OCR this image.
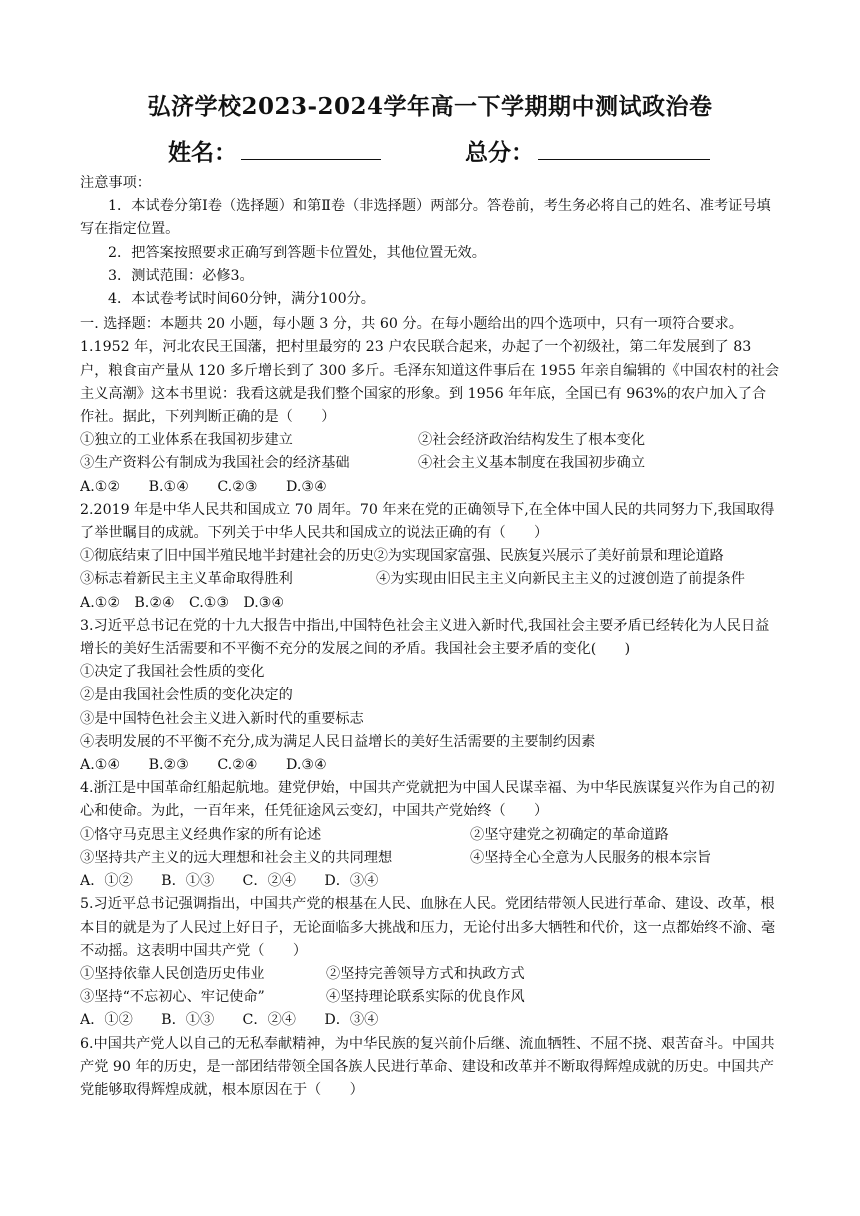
弘济学校2023-2024学年高一下学期期中测试政治卷
姓名：	总分：

注意事项：

1．本试卷分第Ⅰ卷（选择题）和第Ⅱ卷（非选择题）两部分。答卷前，考生务必将自己的姓名、准考证号填写在指定位置。

2．把答案按照要求正确写到答题卡位置处，其他位置无效。

3．测试范围：必修3。

4．本试卷考试时间60分钟，满分100分。

一. 选择题：本题共 20 小题，每小题 3 分，共 60 分。在每小题给出的四个选项中，只有一项符合要求。

1.1952 年，河北农民王国藩，把村里最穷的 23 户农民联合起来，办起了一个初级社，第二年发展到了 83 户，粮食亩产量从 120 多斤增长到了 300 多斤。毛泽东知道这件事后在 1955 年亲自编辑的《中国农村的社会主义高潮》这本书里说：我看这就是我们整个国家的形象。到 1956 年年底，全国已有 963%的农户加入了合作社。据此，下列判断正确的是（　　）

①独立的工业体系在我国初步建立	②社会经济政治结构发生了根本变化
③生产资料公有制成为我国社会的经济基础	④社会主义基本制度在我国初步确立

A.①②　　B.①④　　C.②③　　D.③④

2.2019 年是中华人民共和国成立 70 周年。70 年来在党的正确领导下,在全体中国人民的共同努力下,我国取得了举世瞩目的成就。下列关于中华人民共和国成立的说法正确的有（　　）

①彻底结束了旧中国半殖民地半封建社会的历史②为实现国家富强、民族复兴展示了美好前景和理论道路

③标志着新民主主义革命取得胜利	④为实现由旧民主主义向新民主主义的过渡创造了前提条件

A.①②　B.②④　C.①③　D.③④

3.习近平总书记在党的十九大报告中指出,中国特色社会主义进入新时代,我国社会主要矛盾已经转化为人民日益增长的美好生活需要和不平衡不充分的发展之间的矛盾。我国社会主要矛盾的变化(　　)

①决定了我国社会性质的变化

②是由我国社会性质的变化决定的

③是中国特色社会主义进入新时代的重要标志

④表明发展的不平衡不充分,成为满足人民日益增长的美好生活需要的主要制约因素

A.①④　　B.②③　　C.②④　　D.③④

4.浙江是中国革命红船起航地。建党伊始，中国共产党就把为中国人民谋幸福、为中华民族谋复兴作为自己的初心和使命。为此，一百年来，任凭征途风云变幻，中国共产党始终（　　）

①恪守马克思主义经典作家的所有论述	②坚守建党之初确定的革命道路
③坚持共产主义的远大理想和社会主义的共同理想	④坚持全心全意为人民服务的根本宗旨

A．①②　　B．①③　　C．②④　　D．③④

5.习近平总书记强调指出，中国共产党的根基在人民、血脉在人民。党团结带领人民进行革命、建设、改革，根本目的就是为了人民过上好日子，无论面临多大挑战和压力，无论付出多大牺牲和代价，这一点都始终不渝、毫不动摇。这表明中国共产党（　　）

①坚持依靠人民创造历史伟业	②坚持完善领导方式和执政方式
③坚持“不忘初心、牢记使命”	④坚持理论联系实际的优良作风

A．①②　　B．①③　　C．②④　　D．③④

6.中国共产党人以自己的无私奉献精神，为中华民族的复兴前仆后继、流血牺牲、不屈不挠、艰苦奋斗。中国共产党 90 年的历史，是一部团结带领全国各族人民进行革命、建设和改革并不断取得辉煌成就的历史。中国共产党能够取得辉煌成就，根本原因在于（　　）
